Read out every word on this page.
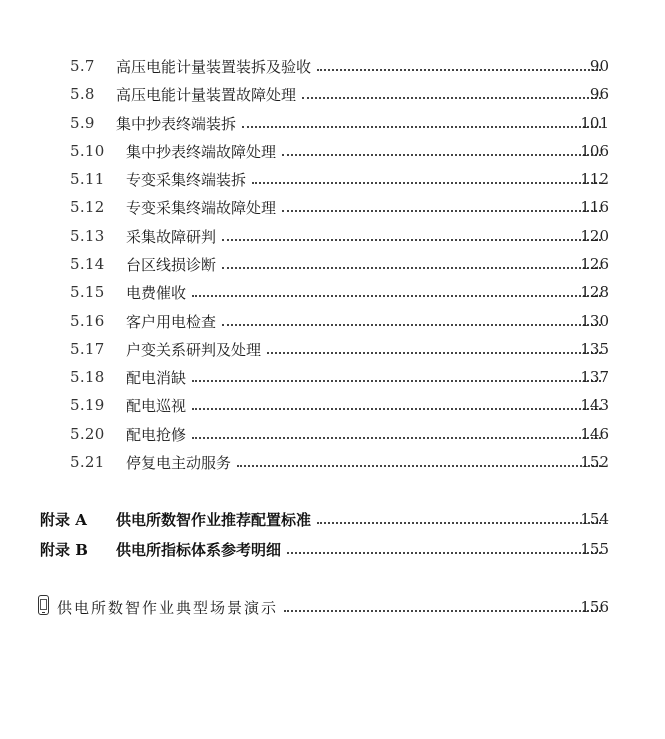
5.7	高压电能计量装置装拆及验收	90
5.8	高压电能计量装置故障处理	96
5.9	集中抄表终端装拆	101
5.10	集中抄表终端故障处理	106
5.11	专变采集终端装拆	112
5.12	专变采集终端故障处理	116
5.13	采集故障研判	120
5.14	台区线损诊断	126
5.15	电费催收	128
5.16	客户用电检查	130
5.17	户变关系研判及处理	135
5.18	配电消缺	137
5.19	配电巡视	143
5.20	配电抢修	146
5.21	停复电主动服务	152
附录 A 供电所数智作业推荐配置标准	154
附录 B 供电所指标体系参考明细	155
供电所数智作业典型场景演示	156
